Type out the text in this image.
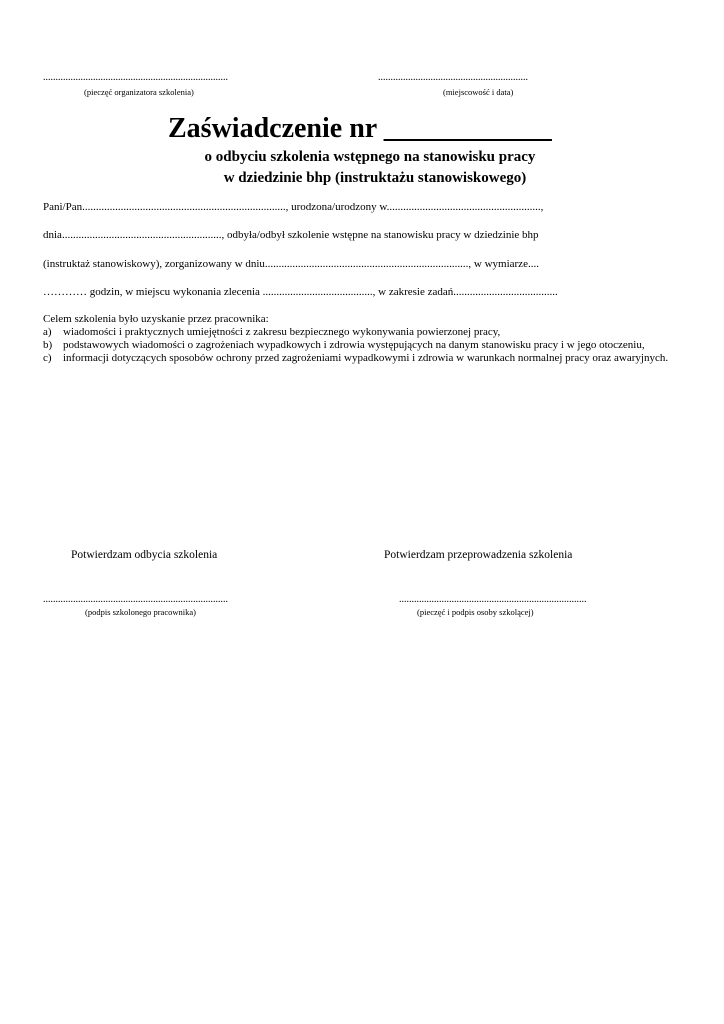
..........................................................................
(pieczęć organizatora szkolenia)
............................................................
(miejscowość i data)
Zaświadczenie nr ____________
o odbyciu szkolenia wstępnego na stanowisku pracy
w dziedzinie bhp (instruktażu stanowiskowego)
Pani/Pan.........................................................................., urodzona/urodzony w........................................................,
dnia.........................................................., odbyła/odbył szkolenie wstępne na stanowisku pracy w dziedzinie bhp
(instruktaż stanowiskowy), zorganizowany w dniu.........................................................................., w wymiarze....
………… godzin, w miejscu wykonania zlecenia ........................................, w zakresie zadań......................................
Celem szkolenia było uzyskanie przez pracownika:
a)	wiadomości i praktycznych umiejętności z zakresu bezpiecznego wykonywania powierzonej pracy,
b) podstawowych wiadomości o zagrożeniach wypadkowych i zdrowia występujących na danym stanowisku pracy i w jego otoczeniu,
c)	informacji dotyczących sposobów ochrony przed zagrożeniami wypadkowymi i zdrowia w warunkach normalnej pracy oraz awaryjnych.
Potwierdzam odbycia szkolenia	Potwierdzam przeprowadzenia szkolenia
..........................................................................
(podpis szkolonego pracownika)
...........................................................................
(pieczęć i podpis osoby szkolącej)
